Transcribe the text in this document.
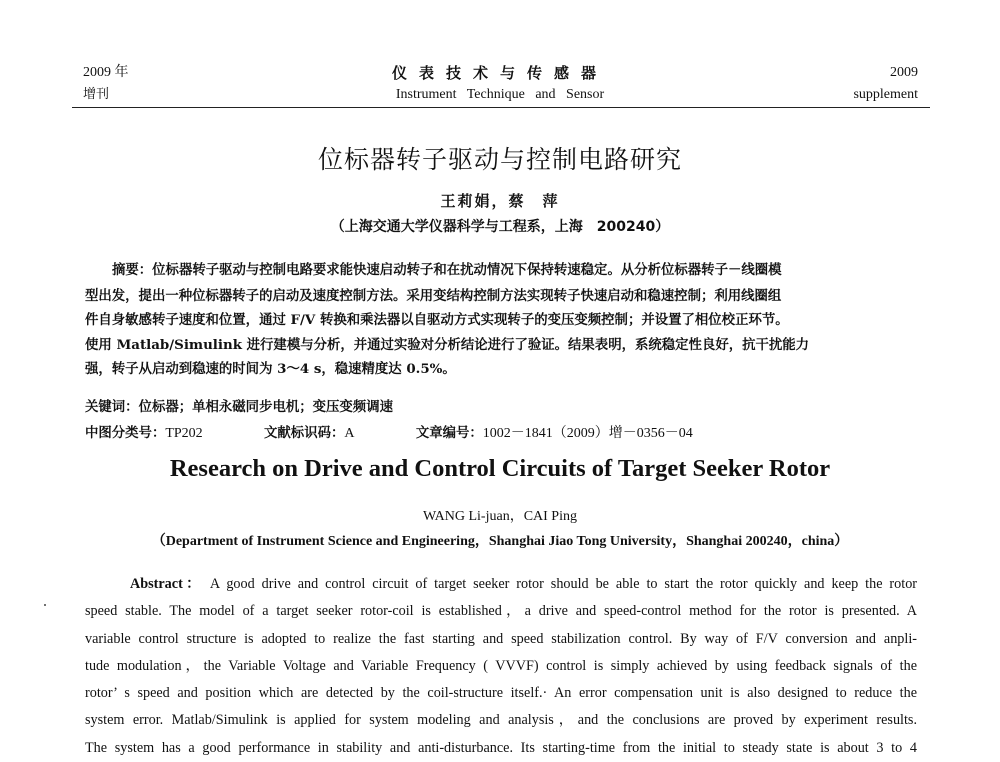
2009 年
增刊
仪表技术与传感器
Instrument Technique and Sensor
2009
supplement
位标器转子驱动与控制电路研究
王莉娟，蔡　萍
（上海交通大学仪器科学与工程系，上海　200240）
摘要：位标器转子驱动与控制电路要求能快速启动转子和在扰动情况下保持转速稳定。从分析位标器转子－线圈模
型出发，提出一种位标器转子的启动及速度控制方法。采用变结构控制方法实现转子快速启动和稳速控制；利用线圈组
件自身敏感转子速度和位置，通过 F/V 转换和乘法器以自驱动方式实现转子的变压变频控制；并设置了相位校正环节。
使用 Matlab/Simulink 进行建模与分析，并通过实验对分析结论进行了验证。结果表明，系统稳定性良好，抗干扰能力
强，转子从启动到稳速的时间为 3～4 s，稳速精度达 0.5%。
关键词：位标器；单相永磁同步电机；变压变频调速
中图分类号：TP202	文献标识码：A	文章编号：1002－1841（2009）增－0356－04
Research on Drive and Control Circuits of Target Seeker Rotor
WANG Li-juan，CAI Ping
（Department of Instrument Science and Engineering，Shanghai Jiao Tong University，Shanghai 200240，china）
Abstract： A good drive and control circuit of target seeker rotor should be able to start the rotor quickly and keep the rotor
speed stable. The model of a target seeker rotor-coil is established，a drive and speed-control method for the rotor is presented. A
variable control structure is adopted to realize the fast starting and speed stabilization control. By way of F/V conversion and anpli-
tude modulation，the Variable Voltage and Variable Frequency ( VVVF) control is simply achieved by using feedback signals of the
rotor’ s speed and position which are detected by the coil-structure itself.· An error compensation unit is also designed to reduce the
system error. Matlab/Simulink is applied for system modeling and analysis，and the conclusions are proved by experiment results.
The system has a good performance in stability and anti-disturbance. Its starting-time from the initial to steady state is about 3 to 4
